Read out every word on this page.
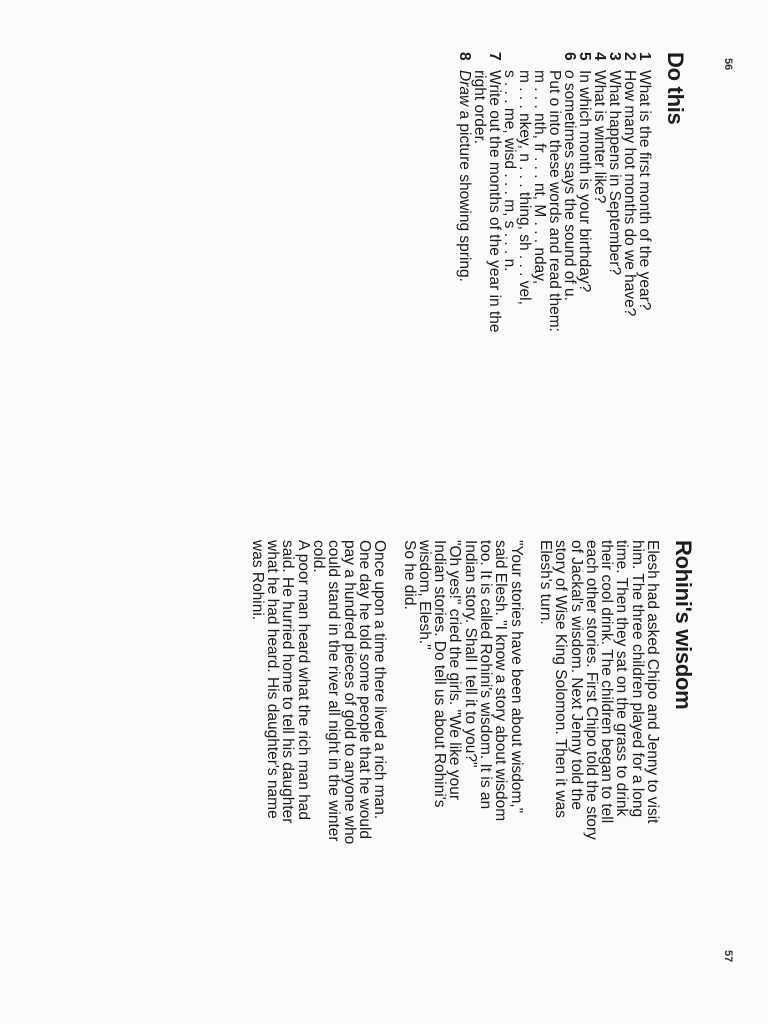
56
Do this
1
What is the first month of the year?
2
How many hot months do we have?
3
What happens in September?
4
What is winter like?
5
In which month is your birthday?
6
o sometimes says the sound of u.
Put o into these words and read them:
m . . . nth, fr . . . nt, M . . . nday,
m . . . nkey, n . . . thing, sh . . . vel,
s . . . me, wisd . . . m, s . . . n.
7
Write out the months of the year in the
right order.
8
Draw a picture showing spring.
Rohini's wisdom
Elesh had asked Chipo and Jenny to visit
him. The three children played for a long
time. Then they sat on the grass to drink
their cool drink. The children began to tell
each other stories. First Chipo told the story
of Jackal's wisdom. Next Jenny told the
story of Wise King Solomon. Then it was
Elesh's turn.
"Your stories have been about wisdom,"
said Elesh. "I know a story about wisdom
too. It is called Rohini's wisdom. It is an
Indian story. Shall I tell it to you?"
"Oh yes!" cried the girls. "We like your
Indian stories. Do tell us about Rohini's
wisdom, Elesh."
So he did.
Once upon a time there lived a rich man.
One day he told some people that he would
pay a hundred pieces of gold to anyone who
could stand in the river all night in the winter
cold.
A poor man heard what the rich man had
said. He hurried home to tell his daughter
what he had heard. His daughter's name
was Rohini.
57
